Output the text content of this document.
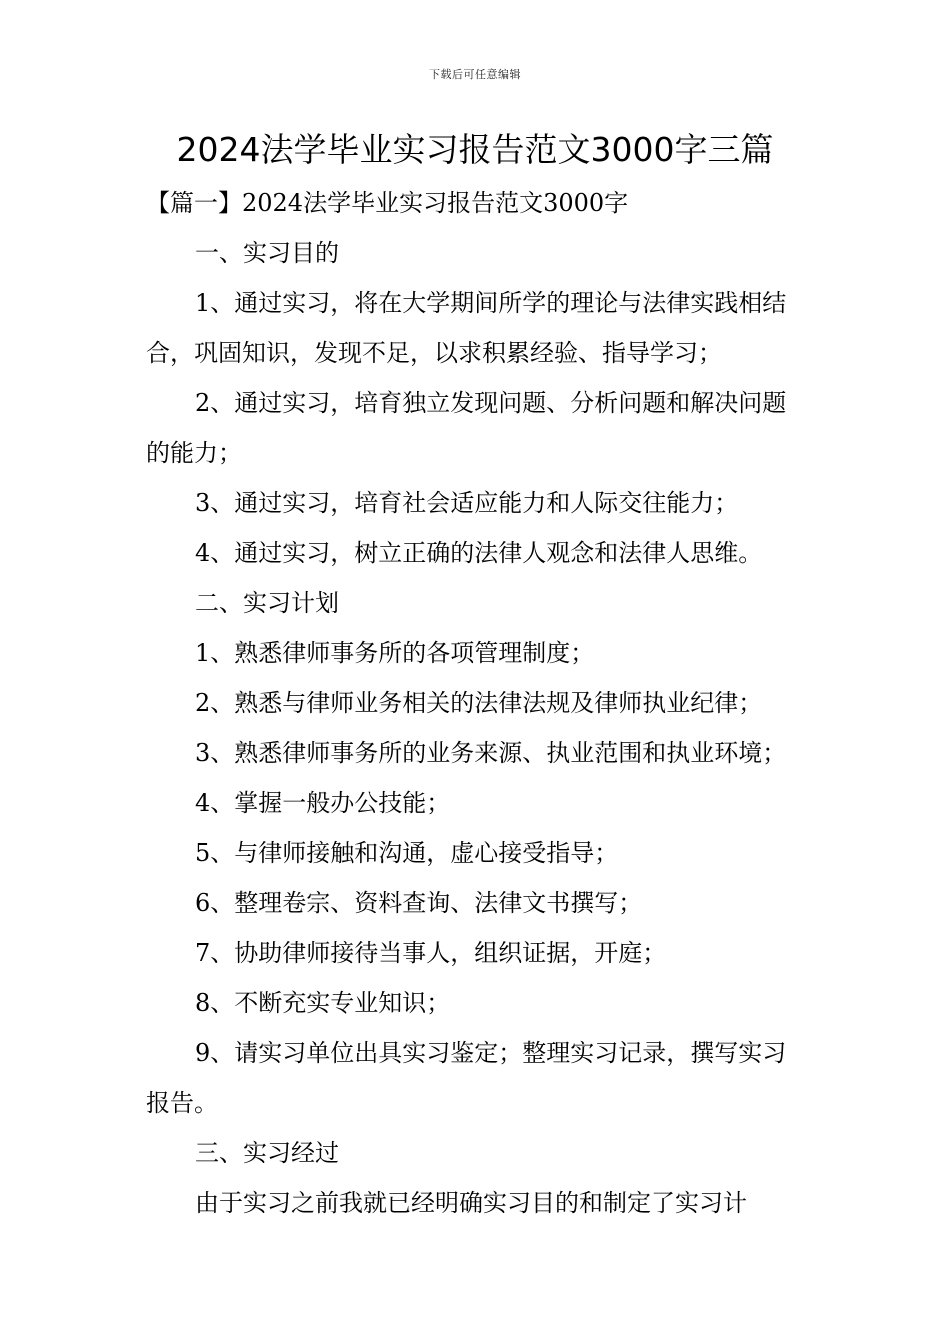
下载后可任意编辑
2024法学毕业实习报告范文3000字三篇

【篇一】2024法学毕业实习报告范文3000字

一、实习目的

1、通过实习，将在大学期间所学的理论与法律实践相结合，巩固知识，发现不足，以求积累经验、指导学习；

2、通过实习，培育独立发现问题、分析问题和解决问题的能力；

3、通过实习，培育社会适应能力和人际交往能力；

4、通过实习，树立正确的法律人观念和法律人思维。

二、实习计划

1、熟悉律师事务所的各项管理制度；

2、熟悉与律师业务相关的法律法规及律师执业纪律；

3、熟悉律师事务所的业务来源、执业范围和执业环境；

4、掌握一般办公技能；

5、与律师接触和沟通，虚心接受指导；

6、整理卷宗、资料查询、法律文书撰写；

7、协助律师接待当事人，组织证据，开庭；

8、不断充实专业知识；

9、请实习单位出具实习鉴定；整理实习记录，撰写实习报告。

三、实习经过

由于实习之前我就已经明确实习目的和制定了实习计
